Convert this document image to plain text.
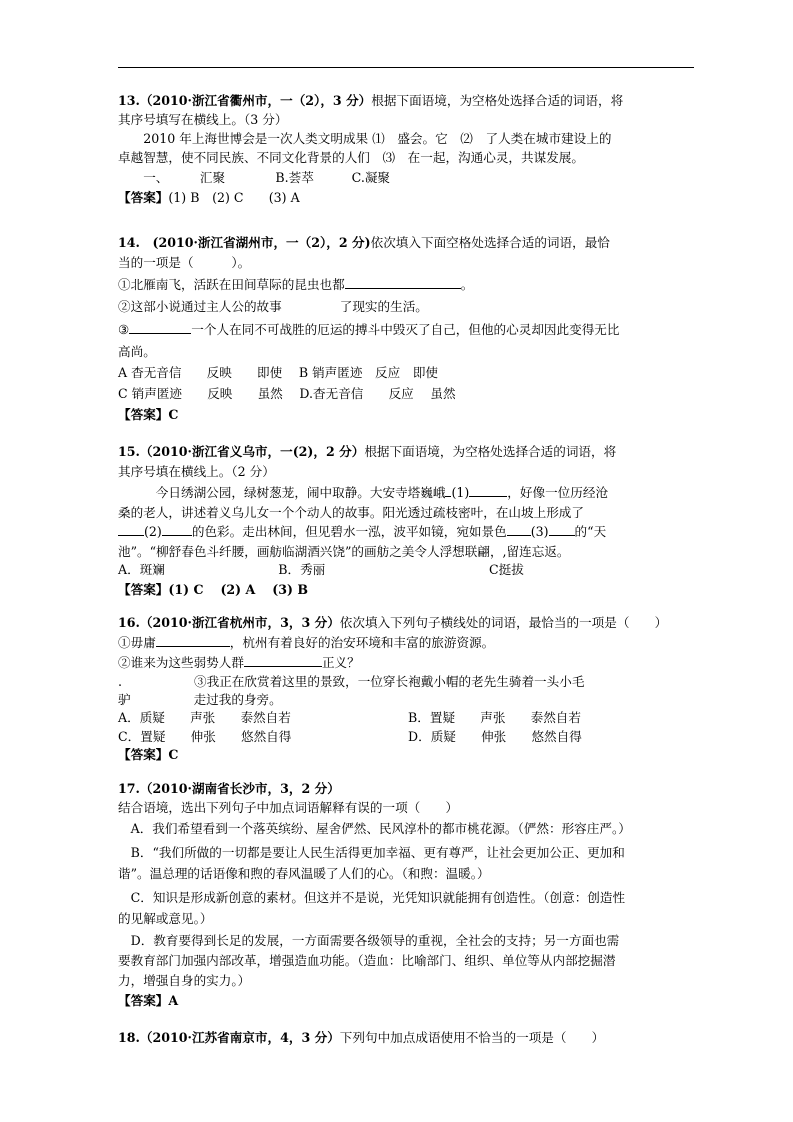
13.（2010·浙江省衢州市，一（2），3 分）根据下面语境，为空格处选择合适的词语，将
其序号填写在横线上。（3 分）
　　2010 年上海世博会是一次人类文明成果 ⑴　盛会。它　⑵　了人类在城市建设上的
卓越智慧，使不同民族、不同文化背景的人们　⑶　在一起，沟通心灵，共谋发展。
　　一、　　　汇聚　　　　B.荟萃　　　C.凝聚
【答案】(1) B　(2) C　　(3) A
14.　(2010·浙江省湖州市，一（2），2 分)依次填入下面空格处选择合适的词语，最恰
当的一项是（　　　）。
①北雁南飞，活跃在田间草际的昆虫也都	。
②这部小说通过主人公的故事	了现实的生活。
③	一个人在同不可战胜的厄运的搏斗中毁灭了自己，但他的心灵却因此变得无比
高尚。
A 杳无音信　　反映　　即使　 B 销声匿迹　反应　即使
C 销声匿迹　　反映　　虽然　 D.杳无音信　　反应　 虽然
【答案】C
15.（2010·浙江省义乌市，一(2)，2 分）根据下面语境，为空格处选择合适的词语，将
其序号填在横线上。（2 分）
　　　今日绣湖公园，绿树葱茏，闹中取静。大安寺塔巍峨 (1)	，好像一位历经沧
桑的老人，讲述着义乌儿女一个个动人的故事。阳光透过疏枝密叶，在山坡上形成了
(2) 的色彩。走出林间，但见碧水一泓，波平如镜，宛如景色 (3) 的“天
池”。“柳舒春色斗纤腰，画舫临湖酒兴饶”的画舫之美令人浮想联翩，,留连忘返。
A．斑斓　　　　　　　　　B．秀丽　　　　　　　　　　　　　C挺拔
【答案】(1) C　 (2) A　 (3) B
16.（2010·浙江省杭州市，3，3 分）依次填入下列句子横线处的词语，最恰当的一项是（　　）
①毋庸	，杭州有着良好的治安环境和丰富的旅游资源。
②谁来为这些弱势人群	正义？
.	③我正在欣赏着这里的景致，一位穿长袍戴小帽的老先生骑着一头小毛
驴　　　　　走过我的身旁。
A．质疑　　声张　　泰然自若	B．置疑　　声张　　泰然自若
C．置疑　　伸张　　悠然自得	D．质疑　　伸张　　悠然自得
【答案】C
17.（2010·湖南省长沙市，3，2 分）
结合语境，选出下列句子中加点词语解释有误的一项（　　）
　A．我们希望看到一个落英缤纷、屋舍俨然、民风淳朴的都市桃花源。（俨然：形容庄严。）
　B．“我们所做的一切都是要让人民生活得更加幸福、更有尊严，让社会更加公正、更加和
谐”。温总理的话语像和煦的春风温暖了人们的心。（和煦：温暖。）
　C．知识是形成新创意的素材。但这并不是说，光凭知识就能拥有创造性。（创意：创造性
的见解或意见。）
　D．教育要得到长足的发展，一方面需要各级领导的重视，全社会的支持；另一方面也需
要教育部门加强内部改革，增强造血功能。（造血：比喻部门、组织、单位等从内部挖掘潜
力，增强自身的实力。）
【答案】A
18.（2010·江苏省南京市，4，3 分）下列句中加点成语使用不恰当的一项是（　　）
